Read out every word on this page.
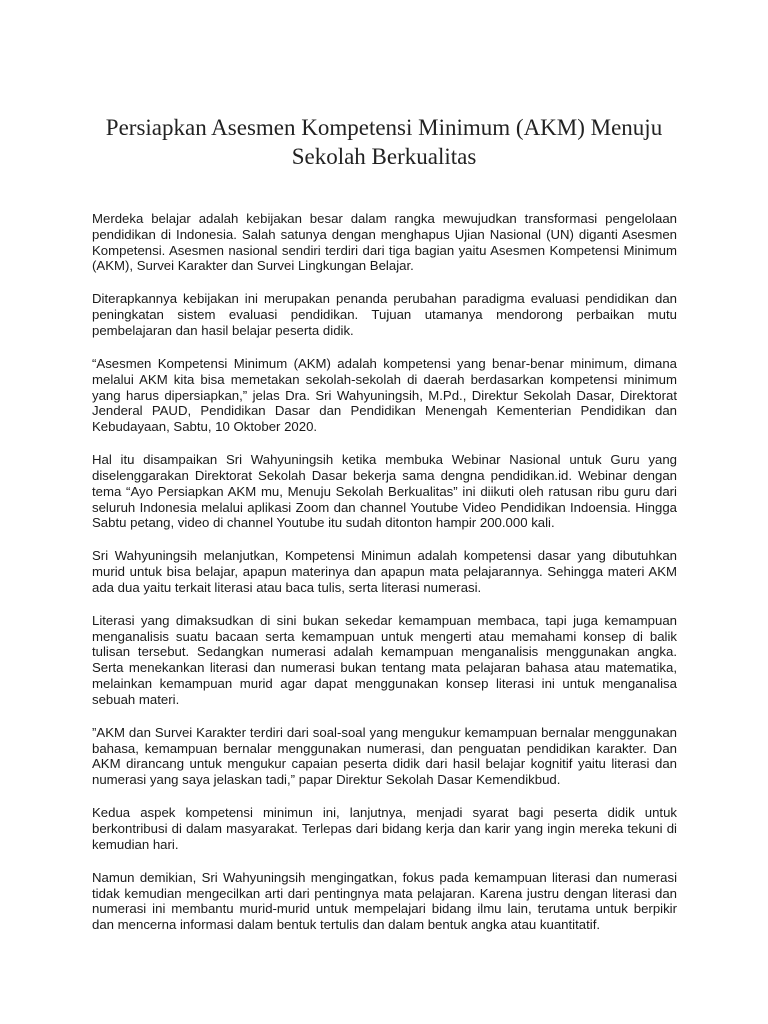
Persiapkan Asesmen Kompetensi Minimum (AKM) Menuju Sekolah Berkualitas

Merdeka belajar adalah kebijakan besar dalam rangka mewujudkan transformasi pengelolaan pendidikan di Indonesia. Salah satunya dengan menghapus Ujian Nasional (UN) diganti Asesmen Kompetensi. Asesmen nasional sendiri terdiri dari tiga bagian yaitu Asesmen Kompetensi Minimum (AKM), Survei Karakter dan Survei Lingkungan Belajar.

Diterapkannya kebijakan ini merupakan penanda perubahan paradigma evaluasi pendidikan dan peningkatan sistem evaluasi pendidikan. Tujuan utamanya mendorong perbaikan mutu pembelajaran dan hasil belajar peserta didik.

“Asesmen Kompetensi Minimum (AKM) adalah kompetensi yang benar-benar minimum, dimana melalui AKM kita bisa memetakan sekolah-sekolah di daerah berdasarkan kompetensi minimum yang harus dipersiapkan,” jelas Dra. Sri Wahyuningsih, M.Pd., Direktur Sekolah Dasar, Direktorat Jenderal PAUD, Pendidikan Dasar dan Pendidikan Menengah Kementerian Pendidikan dan Kebudayaan, Sabtu, 10 Oktober 2020.

Hal itu disampaikan Sri Wahyuningsih ketika membuka Webinar Nasional untuk Guru yang diselenggarakan Direktorat Sekolah Dasar bekerja sama dengna pendidikan.id. Webinar dengan tema “Ayo Persiapkan AKM mu, Menuju Sekolah Berkualitas” ini diikuti oleh ratusan ribu guru dari seluruh Indonesia melalui aplikasi Zoom dan channel Youtube Video Pendidikan Indoensia. Hingga Sabtu petang, video di channel Youtube itu sudah ditonton hampir 200.000 kali.

Sri Wahyuningsih melanjutkan, Kompetensi Minimun adalah kompetensi dasar yang dibutuhkan murid untuk bisa belajar, apapun materinya dan apapun mata pelajarannya. Sehingga materi AKM ada dua yaitu terkait literasi atau baca tulis, serta literasi numerasi.

Literasi yang dimaksudkan di sini bukan sekedar kemampuan membaca, tapi juga kemampuan menganalisis suatu bacaan serta kemampuan untuk mengerti atau memahami konsep di balik tulisan tersebut. Sedangkan numerasi adalah kemampuan menganalisis menggunakan angka. Serta menekankan literasi dan numerasi bukan tentang mata pelajaran bahasa atau matematika, melainkan kemampuan murid agar dapat menggunakan konsep literasi ini untuk menganalisa sebuah materi.

”AKM dan Survei Karakter terdiri dari soal-soal yang mengukur kemampuan bernalar menggunakan bahasa, kemampuan bernalar menggunakan numerasi, dan penguatan pendidikan karakter. Dan AKM dirancang untuk mengukur capaian peserta didik dari hasil belajar kognitif yaitu literasi dan numerasi yang saya jelaskan tadi,” papar Direktur Sekolah Dasar Kemendikbud.

Kedua aspek kompetensi minimun ini, lanjutnya, menjadi syarat bagi peserta didik untuk berkontribusi di dalam masyarakat. Terlepas dari bidang kerja dan karir yang ingin mereka tekuni di kemudian hari.

Namun demikian, Sri Wahyuningsih mengingatkan, fokus pada kemampuan literasi dan numerasi tidak kemudian mengecilkan arti dari pentingnya mata pelajaran. Karena justru dengan literasi dan numerasi ini membantu murid-murid untuk mempelajari bidang ilmu lain, terutama untuk berpikir dan mencerna informasi dalam bentuk tertulis dan dalam bentuk angka atau kuantitatif.
